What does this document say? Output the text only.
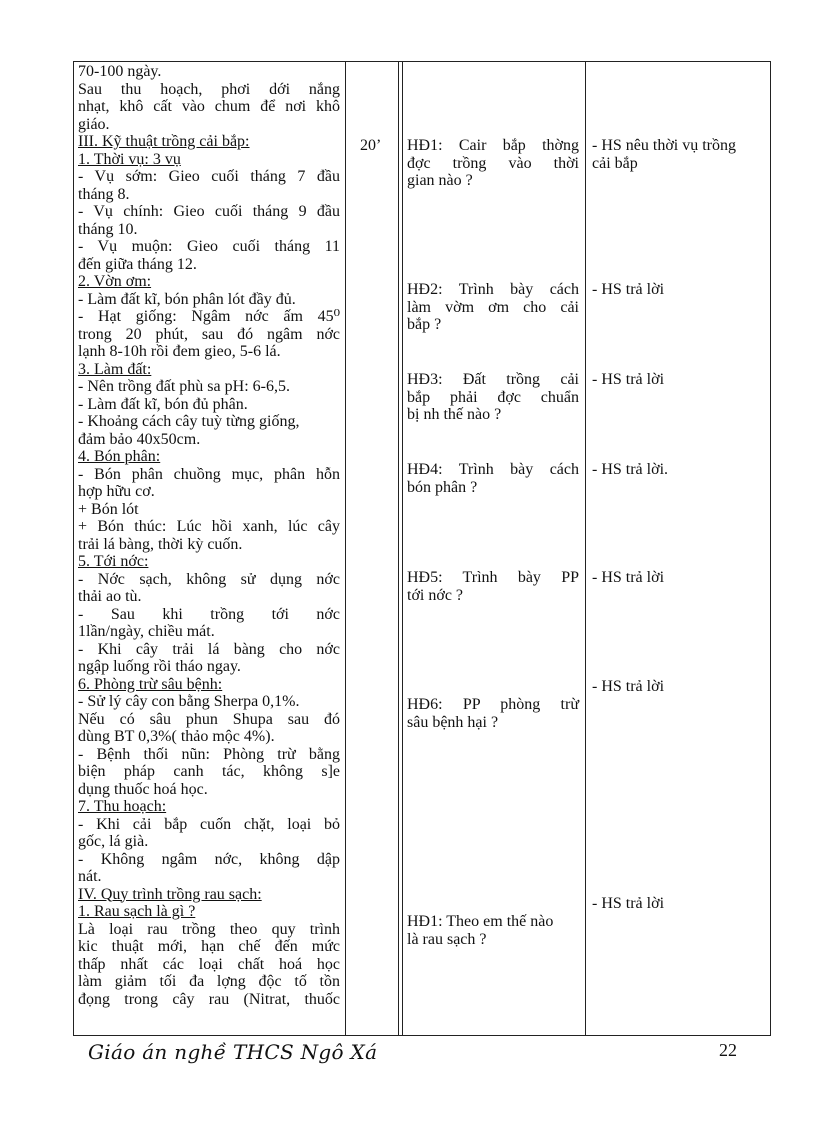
70-100 ngày.
Sau thu hoạch, phơi dới nắng
nhạt, khô cất vào chum để nơi khô
giáo.
III. Kỹ thuật trồng cải bắp:
1. Thời vụ: 3 vụ
- Vụ sớm: Gieo cuối tháng 7 đầu
tháng 8.
- Vụ chính: Gieo cuối tháng 9 đầu
tháng 10.
- Vụ muộn: Gieo cuối tháng 11
đến giữa tháng 12.
2. Vờn ơm:
- Làm đất kĩ, bón phân lót đầy đủ.
- Hạt giống: Ngâm nớc ấm 45⁰
trong 20 phút, sau đó ngâm nớc
lạnh 8-10h rồi đem gieo, 5-6 lá.
3. Làm đất:
- Nên trồng đất phù sa pH: 6-6,5.
- Làm đất kĩ, bón đủ phân.
- Khoảng cách cây tuỳ từng giống,
đảm bảo 40x50cm.
4. Bón phân:
- Bón phân chuồng mục, phân hỗn
hợp hữu cơ.
+ Bón lót
+ Bón thúc: Lúc hồi xanh, lúc cây
trải lá bàng, thời kỳ cuốn.
5. Tới nớc:
- Nớc sạch, không sử dụng nớc
thải ao tù.
- Sau khi trồng tới nớc
1lần/ngày, chiều mát.
- Khi cây trải lá bàng cho nớc
ngập luống rồi tháo ngay.
6. Phòng trừ sâu bệnh:
- Sử lý cây con bằng Sherpa 0,1%.
Nếu có sâu phun Shupa sau đó
dùng BT 0,3%( thảo mộc 4%).
- Bệnh thối nũn: Phòng trừ bằng
biện pháp canh tác, không s]e
dụng thuốc hoá học.
7. Thu hoạch:
- Khi cải bắp cuốn chặt, loại bỏ
gốc, lá già.
- Không ngâm nớc, không dập
nát.
IV. Quy trình trồng rau sạch:
1. Rau sạch là gì ?
Là loại rau trồng theo quy trình
kic thuật mới, hạn chế đến mức
thấp nhất các loại chất hoá học
làm giảm tối đa lợng độc tố tồn
đọng trong cây rau (Nitrat, thuốc
20’ HĐ1: Cair bắp thờng
đợc trồng vào thời
gian nào ?
HĐ2: Trình bày cách
làm vờm ơm cho cải
bắp ?
HĐ3: Đất trồng cải
bắp phải đợc chuẩn
bị nh thế nào ?
HĐ4: Trình bày cách
bón phân ?
HĐ5: Trình bày PP
tới nớc ?
HĐ6: PP phòng trừ
sâu bệnh hại ?
HĐ1: Theo em thế nào
là rau sạch ?
- HS nêu thời vụ trồng
cải bắp
- HS trả lời
- HS trả lời
- HS trả lời.
- HS trả lời
- HS trả lời
- HS trả lời
Giáo án nghề THCS Ngô Xá	22
